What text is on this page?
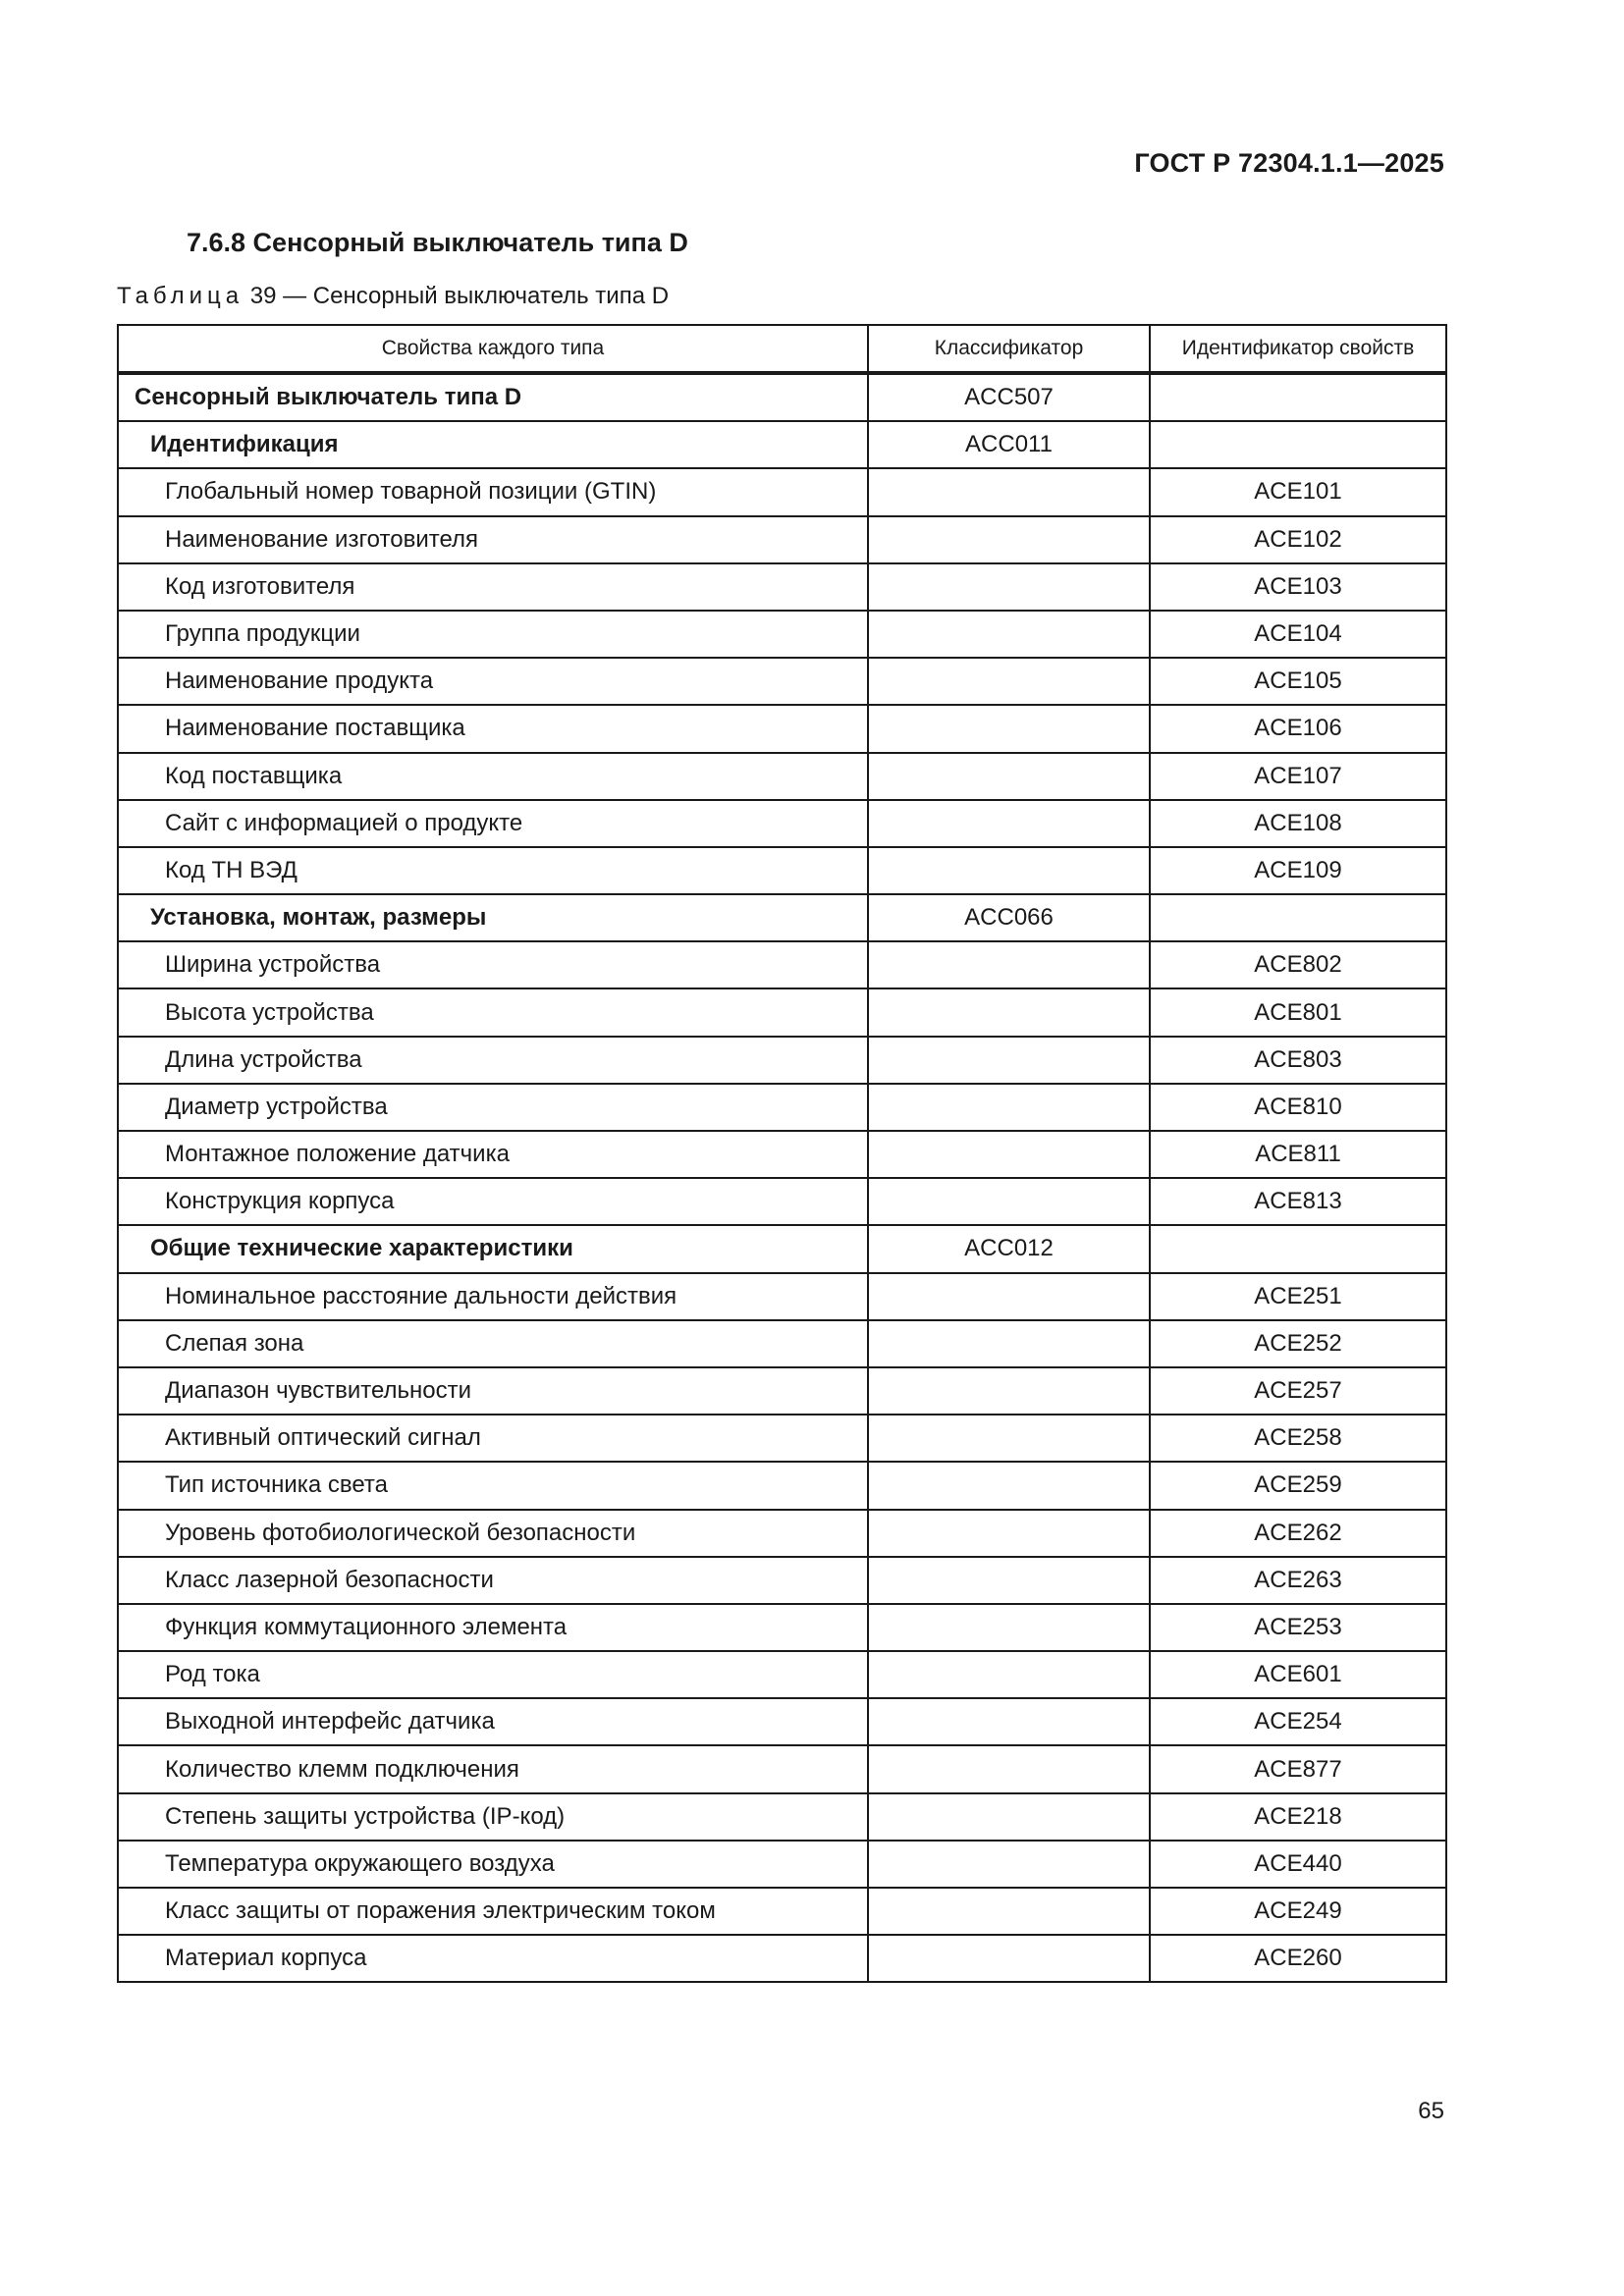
ГОСТ Р 72304.1.1—2025
7.6.8 Сенсорный выключатель типа D
Таблица 39 — Сенсорный выключатель типа D
Свойства каждого типа	Классификатор	Идентификатор свойств
Сенсорный выключатель типа D	ACC507	
Идентификация	ACC011	
Глобальный номер товарной позиции (GTIN)		ACE101
Наименование изготовителя		ACE102
Код изготовителя		ACE103
Группа продукции		ACE104
Наименование продукта		ACE105
Наименование поставщика		ACE106
Код поставщика		ACE107
Сайт с информацией о продукте		ACE108
Код ТН ВЭД		ACE109
Установка, монтаж, размеры	ACC066	
Ширина устройства		ACE802
Высота устройства		ACE801
Длина устройства		ACE803
Диаметр устройства		ACE810
Монтажное положение датчика		ACE811
Конструкция корпуса		ACE813
Общие технические характеристики	ACC012	
Номинальное расстояние дальности действия		ACE251
Слепая зона		ACE252
Диапазон чувствительности		ACE257
Активный оптический сигнал		ACE258
Тип источника света		ACE259
Уровень фотобиологической безопасности		ACE262
Класс лазерной безопасности		ACE263
Функция коммутационного элемента		ACE253
Род тока		ACE601
Выходной интерфейс датчика		ACE254
Количество клемм подключения		ACE877
Степень защиты устройства (IP-код)		ACE218
Температура окружающего воздуха		ACE440
Класс защиты от поражения электрическим током		ACE249
Материал корпуса		ACE260
65
